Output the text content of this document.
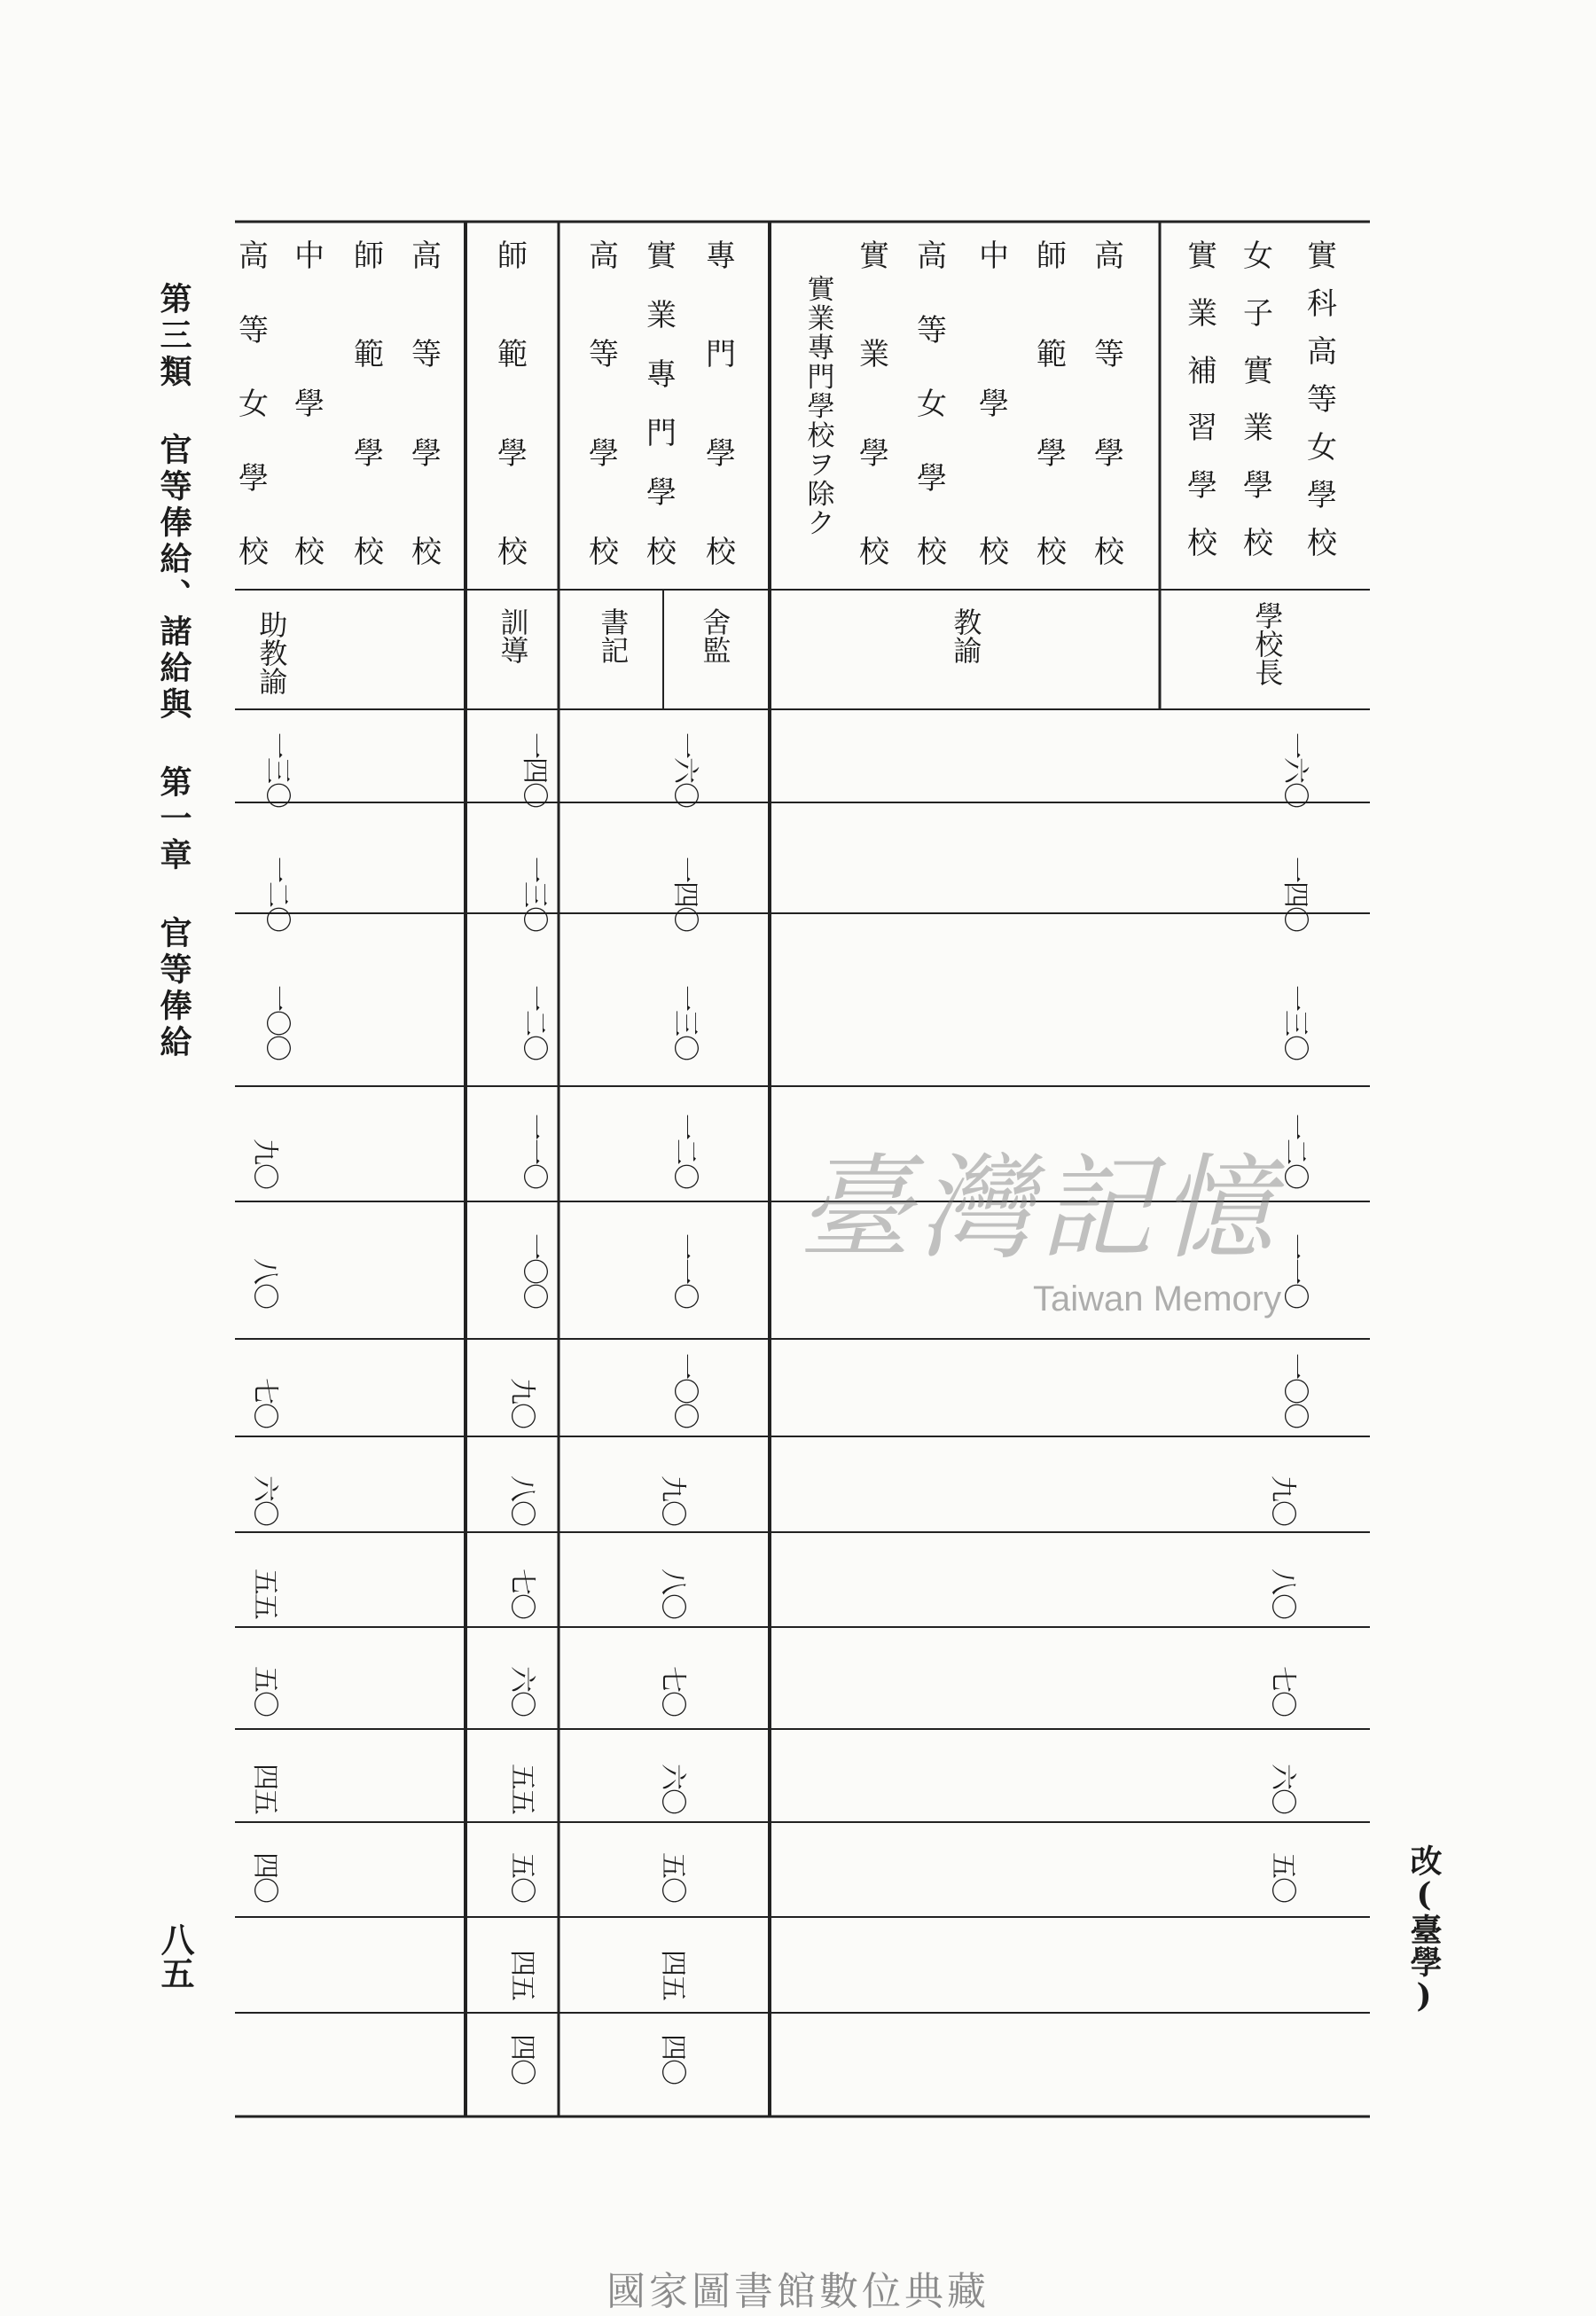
第三類 官等俸給、諸給與 第一章 官等俸給
八五	改(臺學)
實
科
高
等
女
學
校
女
子
實
業
學
校
實
業
補
習
學
校
學校長
高
等
學
校
師
範
學
校
中
學
校
高
等
女
學
校
實
業
學
校
實
業
專
門
學
校
ヲ
除
ク
教諭
專
門
學
校
實
業
專
門
學
校
高
等
學
校
舍監
書記
師
範
學
校
訓導
高
等
學
校
師
範
學
校
中
學
校
高
等
女
學
校
助教諭
一六〇
一四〇
一三〇
一二〇
一一〇
一〇〇
九〇
八〇
七〇
六〇
五〇
一六〇
一四〇
一三〇
一二〇
一一〇
一〇〇
九〇
八〇
七〇
六〇
五〇
四五
四〇
一四〇
一三〇
一二〇
一一〇
一〇〇
九〇
八〇
七〇
六〇
五五
五〇
四五
四〇
一三〇
一二〇
一〇〇
九〇
八〇
七〇
六〇
五五
五〇
四五
四〇
臺灣記憶
Taiwan Memory
國家圖書館數位典藏
